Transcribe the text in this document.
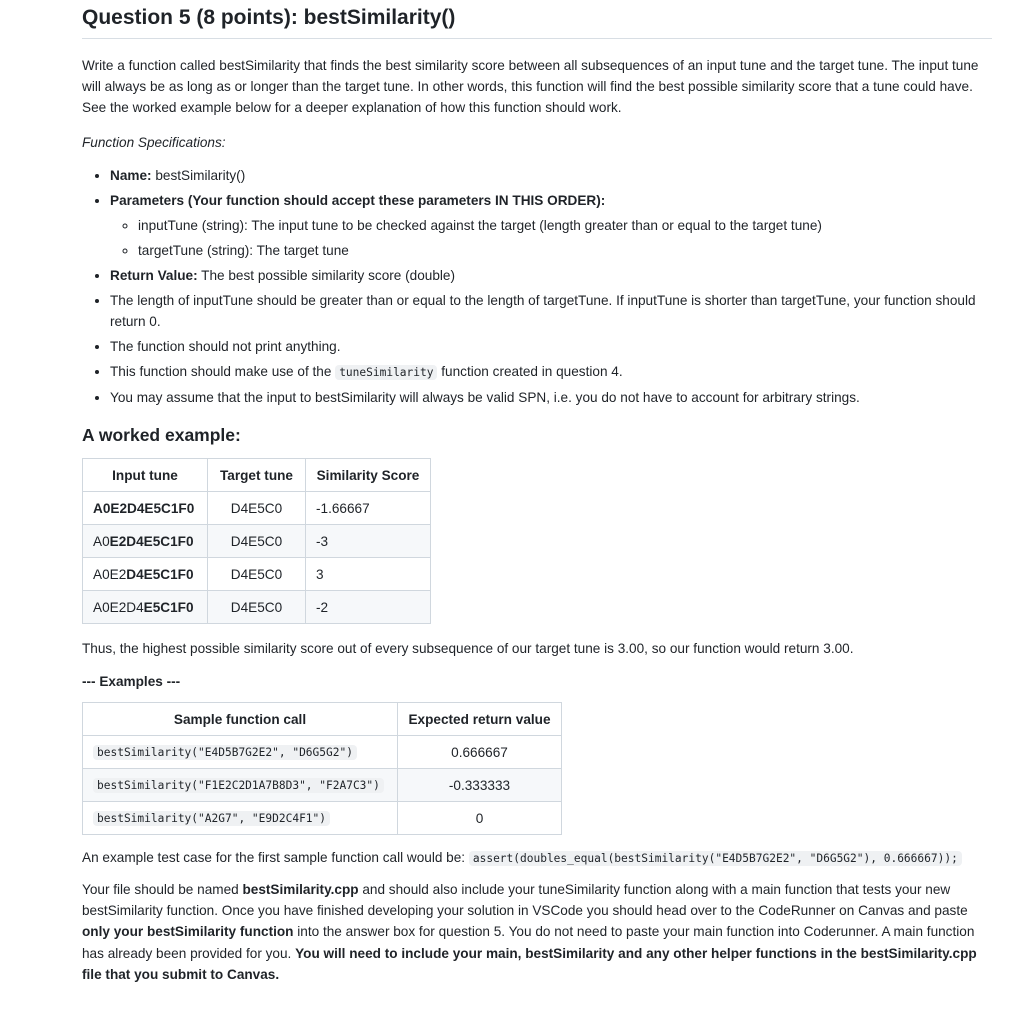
Question 5 (8 points): bestSimilarity()

Write a function called bestSimilarity that finds the best similarity score between all subsequences of an input tune and the target tune. The input tune will always be as long as or longer than the target tune. In other words, this function will find the best possible similarity score that a tune could have. See the worked example below for a deeper explanation of how this function should work.

Function Specifications:

• Name: bestSimilarity()
• Parameters (Your function should accept these parameters IN THIS ORDER):
◦ inputTune (string): The input tune to be checked against the target (length greater than or equal to the target tune)
◦ targetTune (string): The target tune
• Return Value: The best possible similarity score (double)
• The length of inputTune should be greater than or equal to the length of targetTune. If inputTune is shorter than targetTune, your function should return 0.
• The function should not print anything.
• This function should make use of the tuneSimilarity function created in question 4.
• You may assume that the input to bestSimilarity will always be valid SPN, i.e. you do not have to account for arbitrary strings.
A worked example:
Input tune	Target tune	Similarity Score
A0E2D4E5C1F0	D4E5C0	-1.66667
A0E2D4E5C1F0	D4E5C0	-3
A0E2D4E5C1F0	D4E5C0	3
A0E2D4E5C1F0	D4E5C0	-2

Thus, the highest possible similarity score out of every subsequence of our target tune is 3.00, so our function would return 3.00.

--- Examples ---

Sample function call	Expected return value
bestSimilarity("E4D5B7G2E2", "D6G5G2")	0.666667
bestSimilarity("F1E2C2D1A7B8D3", "F2A7C3")	-0.333333
bestSimilarity("A2G7", "E9D2C4F1")	0

An example test case for the first sample function call would be: assert(doubles_equal(bestSimilarity("E4D5B7G2E2", "D6G5G2"), 0.666667));

Your file should be named bestSimilarity.cpp and should also include your tuneSimilarity function along with a main function that tests your new bestSimilarity function. Once you have finished developing your solution in VSCode you should head over to the CodeRunner on Canvas and paste only your bestSimilarity function into the answer box for question 5. You do not need to paste your main function into Coderunner. A main function has already been provided for you. You will need to include your main, bestSimilarity and any other helper functions in the bestSimilarity.cpp file that you submit to Canvas.
